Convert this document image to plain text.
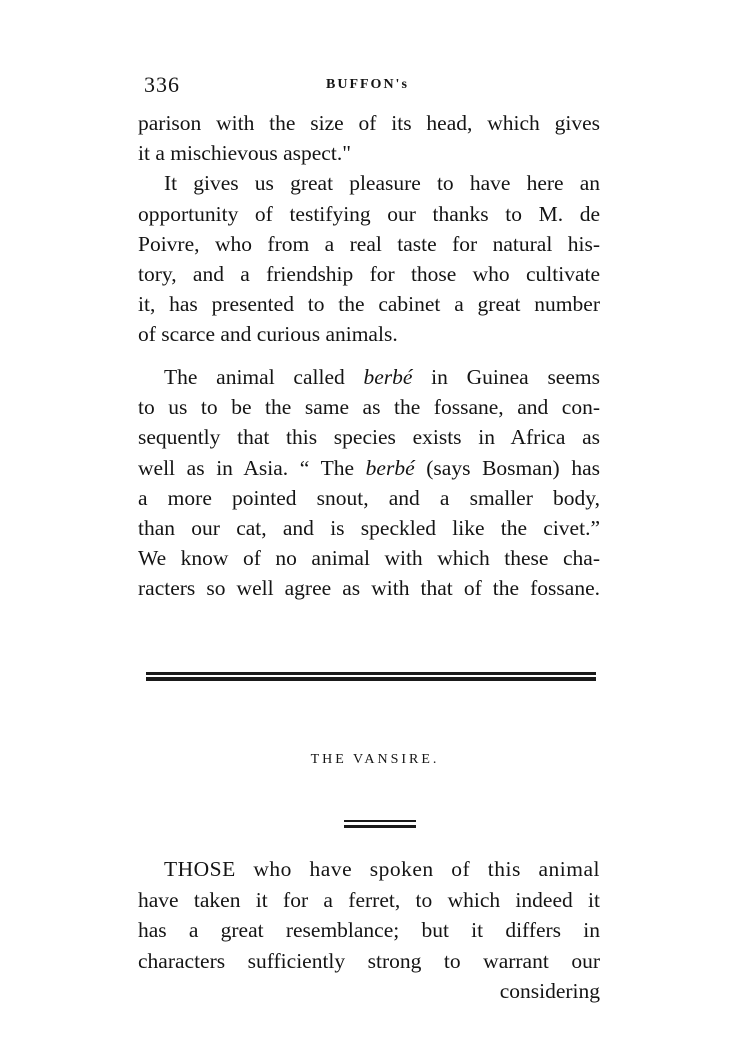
336	BUFFON's

parison with the size of its head, which gives
it a mischievous aspect."

It gives us great pleasure to have here an
opportunity of testifying our thanks to M. de
Poivre, who from a real taste for natural his-
tory, and a friendship for those who cultivate
it, has presented to the cabinet a great number
of scarce and curious animals.

The animal called berbé in Guinea seems
to us to be the same as the fossane, and con-
sequently that this species exists in Africa as
well as in Asia. “ The berbé (says Bosman) has
a more pointed snout, and a smaller body,
than our cat, and is speckled like the civet.”
We know of no animal with which these cha-
racters so well agree as with that of the fossane.

THE VANSIRE.

THOSE who have spoken of this animal
have taken it for a ferret, to which indeed it
has a great resemblance; but it differs in
characters sufficiently strong to warrant our
considering
